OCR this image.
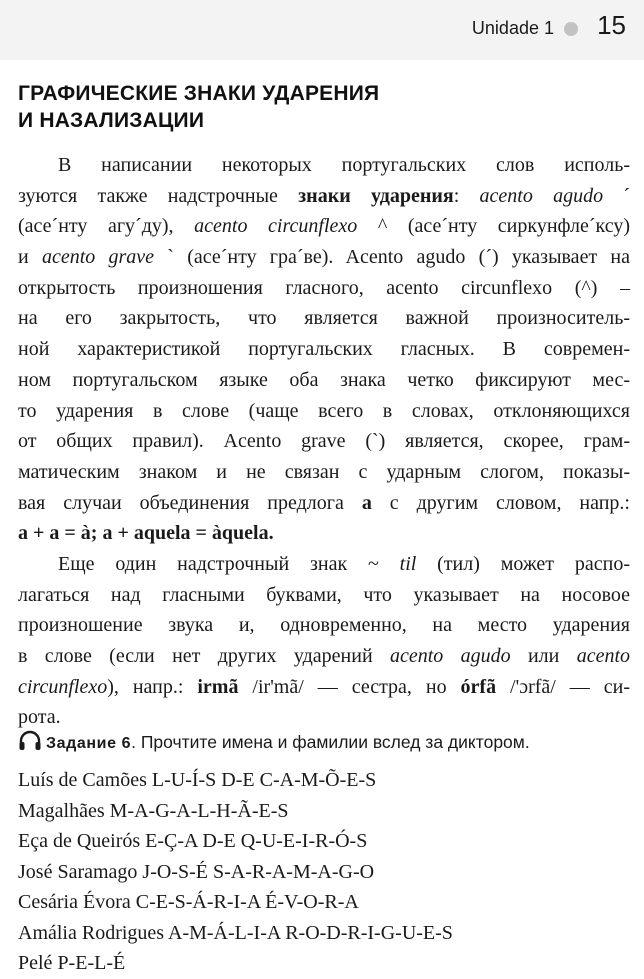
Unidade 1 15
ГРАФИЧЕСКИЕ ЗНАКИ УДАРЕНИЯ
И НАЗАЛИЗАЦИИ
В написании некоторых португальских слов исполь-
зуются также надстрочные знаки ударения: acento agudo ´
(асе´нту агу´ду), acento circunflexo ^ (асе´нту сиркунфле´ксу)
и acento grave ` (асе´нту гра´ве). Acento agudo (´) указывает на
открытость произношения гласного, acento circunflexo (^) –
на его закрытость, что является важной произноситель-
ной характеристикой португальских гласных. В современ-
ном португальском языке оба знака четко фиксируют мес-
то ударения в слове (чаще всего в словах, отклоняющихся
от общих правил). Acento grave (`) является, скорее, грам-
матическим знаком и не связан с ударным слогом, показы-
вая случаи объединения предлога a с другим словом, напр.:
a + a = à; a + aquela = àquela.
Еще один надстрочный знак ~ til (тил) может распо-
лагаться над гласными буквами, что указывает на носовое
произношение звука и, одновременно, на место ударения
в слове (если нет других ударений acento agudo или acento
circunflexo), напр.: irmã /ir'mã/ — сестра, но órfã /'ɔrfã/ — си-
рота.
Задание 6. Прочтите имена и фамилии вслед за диктором.
Luís de Camões L-U-Í-S D-E C-A-M-Õ-E-S
Magalhães M-A-G-A-L-H-Ã-E-S
Eça de Queirós E-Ç-A D-E Q-U-E-I-R-Ó-S
José Saramago J-O-S-É S-A-R-A-M-A-G-O
Cesária Évora C-E-S-Á-R-I-A É-V-O-R-A
Amália Rodrigues A-M-Á-L-I-A R-O-D-R-I-G-U-E-S
Pelé P-E-L-É
